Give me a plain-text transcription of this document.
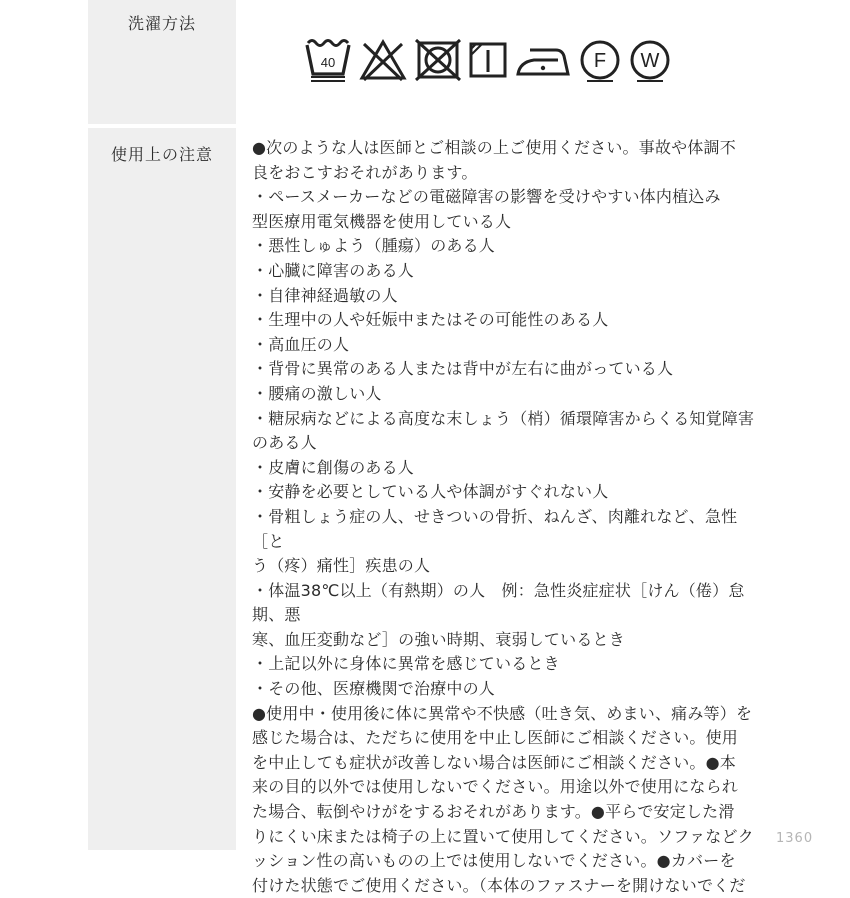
洗濯方法
40	F W
使用上の注意	●次のような人は医師とご相談の上ご使用ください。事故や体調不

良をおこすおそれがあります。

・ペースメーカーなどの電磁障害の影響を受けやすい体内植込み

型医療用電気機器を使用している人

・悪性しゅよう（腫瘍）のある人

・心臓に障害のある人

・自律神経過敏の人

・生理中の人や妊娠中またはその可能性のある人

・高血圧の人

・背骨に異常のある人または背中が左右に曲がっている人

・腰痛の激しい人

・糖尿病などによる高度な末しょう（梢）循環障害からくる知覚障害

のある人

・皮膚に創傷のある人

・安静を必要としている人や体調がすぐれない人

・骨粗しょう症の人、せきついの骨折、ねんざ、肉離れなど、急性［と

う（疼）痛性］疾患の人

・体温38℃以上（有熱期）の人　例：急性炎症症状［けん（倦）怠期、悪

寒、血圧変動など］の強い時期、衰弱しているとき

・上記以外に身体に異常を感じているとき

・その他、医療機関で治療中の人

●使用中・使用後に体に異常や不快感（吐き気、めまい、痛み等）を

感じた場合は、ただちに使用を中止し医師にご相談ください。使用

を中止しても症状が改善しない場合は医師にご相談ください。●本

来の目的以外では使用しないでください。用途以外で使用になられ

た場合、転倒やけがをするおそれがあります。●平らで安定した滑

りにくい床または椅子の上に置いて使用してください。ソファなどク

ッション性の高いものの上では使用しないでください。●カバーを

付けた状態でご使用ください。（本体のファスナーを開けないでくだ

1360
